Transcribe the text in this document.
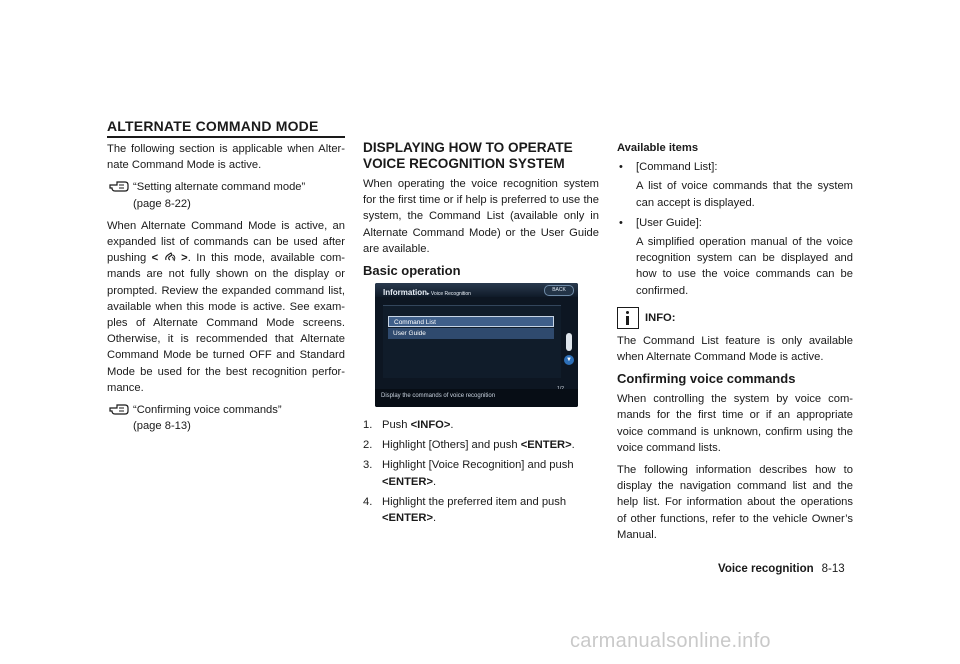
ALTERNATE COMMAND MODE

The following section is applicable when Alter-nate Command Mode is active.

“Setting alternate command mode”
(page 8-22)

When Alternate Command Mode is active, an expanded list of commands can be used after pushing < >. In this mode, available com-mands are not fully shown on the display or prompted. Review the expanded command list, available when this mode is active. See exam-ples of Alternate Command Mode screens. Otherwise, it is recommended that Alternate Command Mode be turned OFF and Standard Mode be used for the best recognition perfor-mance.

“Confirming voice commands”
(page 8-13)
DISPLAYING HOW TO OPERATE VOICE RECOGNITION SYSTEM

When operating the voice recognition system for the first time or if help is preferred to use the system, the Command List (available only in Alternate Command Mode) or the User Guide are available.

Basic operation
Information▸ Voice Recognition
BACK
Command List
User Guide
▼
Display the commands of voice recognition
1. Push <INFO>.
2. Highlight [Others] and push <ENTER>.
3. Highlight [Voice Recognition] and push <ENTER>.
4. Highlight the preferred item and push <ENTER>.
Available items
• [Command List]:
A list of voice commands that the system can accept is displayed.
• [User Guide]:
A simplified operation manual of the voice recognition system can be displayed and how to use the voice commands can be confirmed.
INFO:

The Command List feature is only available when Alternate Command Mode is active.

Confirming voice commands

When controlling the system by voice com-mands for the first time or if an appropriate voice command is unknown, confirm using the voice command lists.

The following information describes how to display the navigation command list and the help list. For information about the operations of other functions, refer to the vehicle Owner’s Manual.

Voice recognition 8-13
carmanualsonline.info
